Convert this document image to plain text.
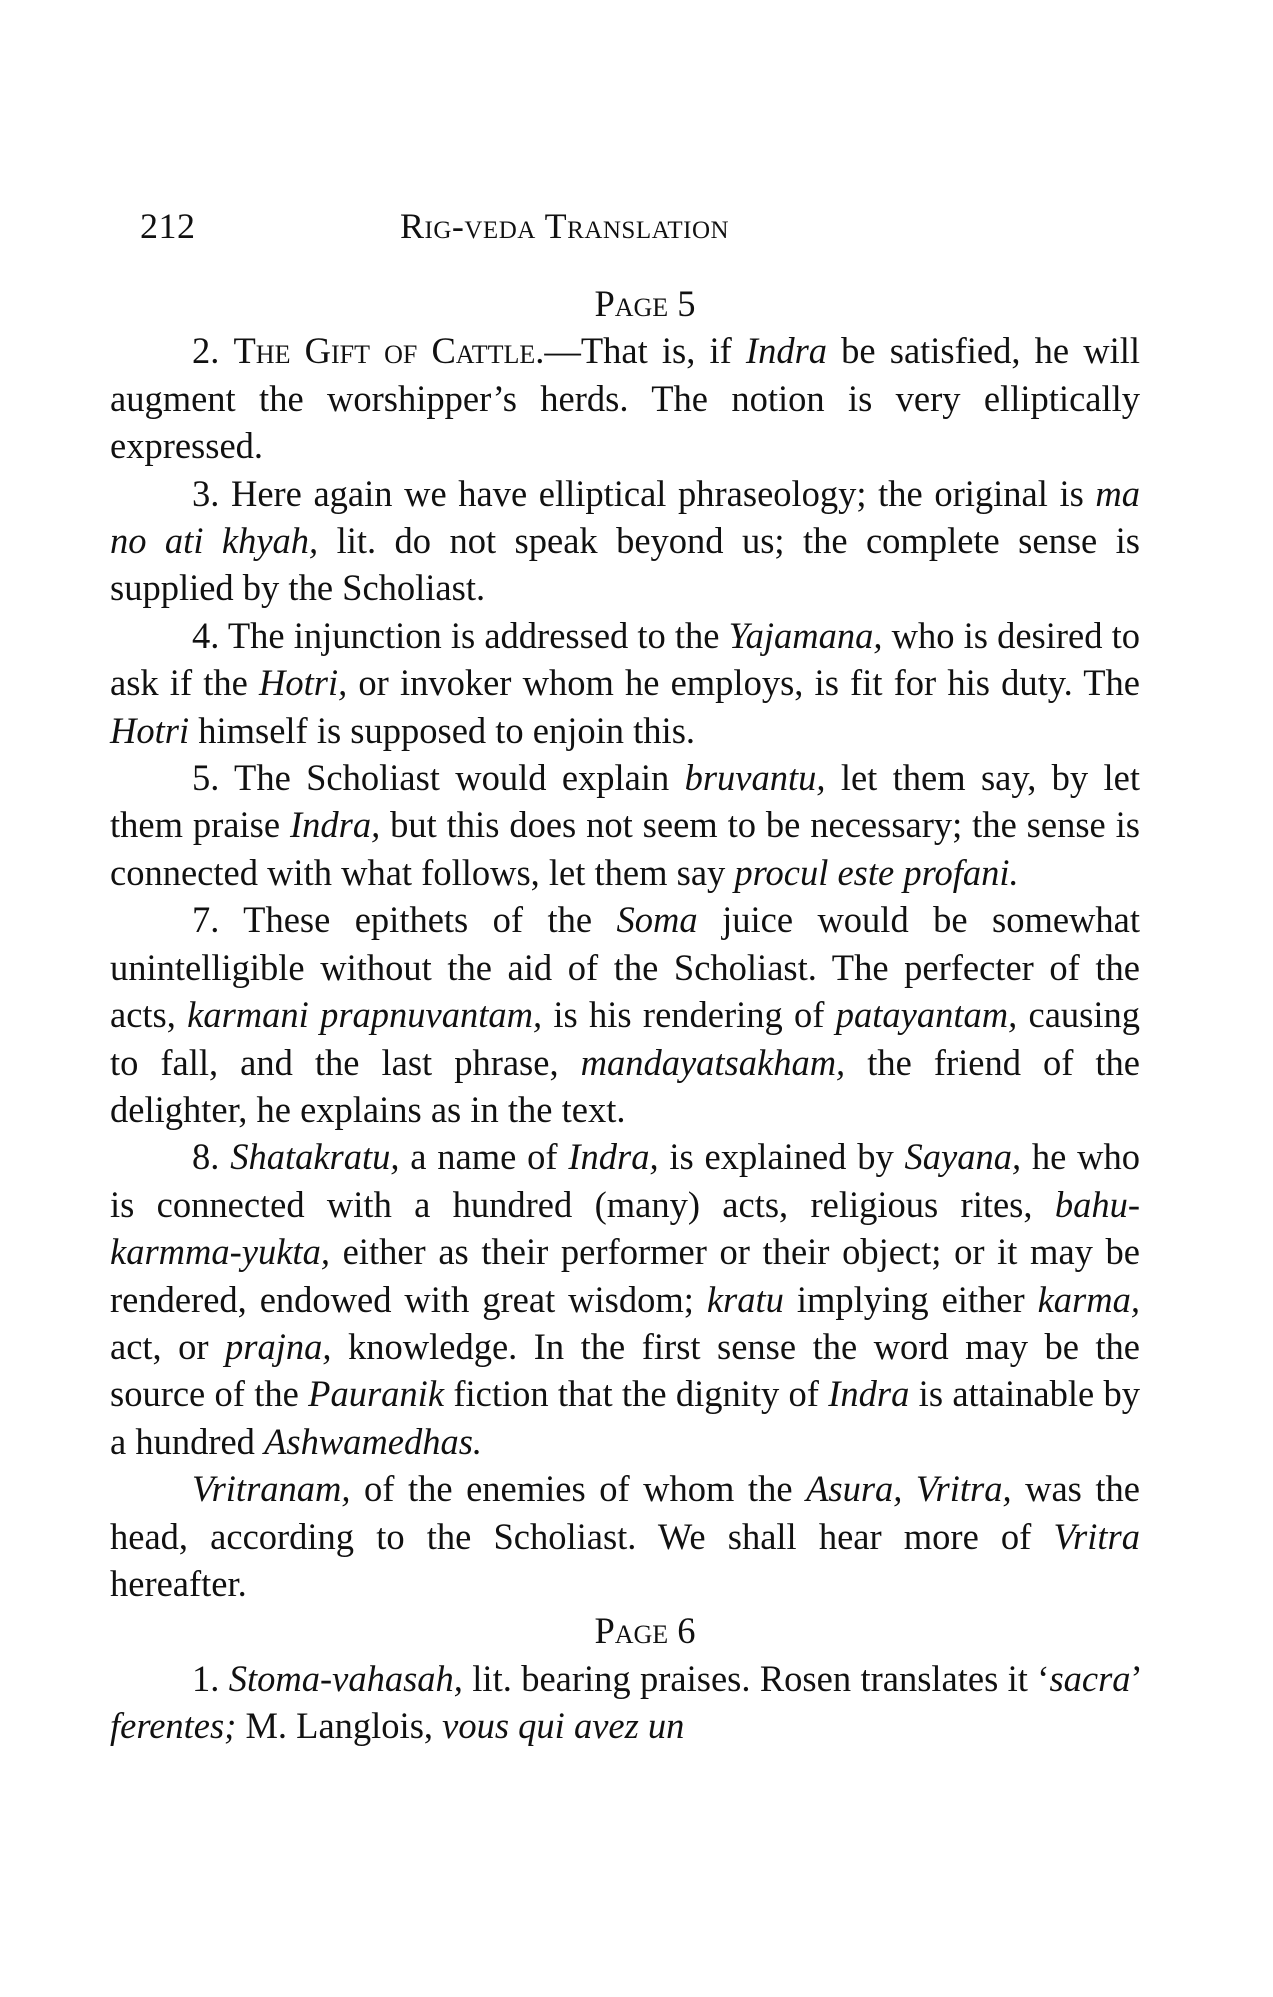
212	Rig-veda Translation

Page 5

2. The Gift of Cattle.—That is, if Indra be satisfied, he will augment the worshipper’s herds. The notion is very elliptically expressed.

3. Here again we have elliptical phraseology; the original is ma no ati khyah, lit. do not speak beyond us; the complete sense is supplied by the Scholiast.

4. The injunction is addressed to the Yajamana, who is desired to ask if the Hotri, or invoker whom he employs, is fit for his duty. The Hotri himself is supposed to enjoin this.

5. The Scholiast would explain bruvantu, let them say, by let them praise Indra, but this does not seem to be necessary; the sense is connected with what follows, let them say procul este profani.

7. These epithets of the Soma juice would be somewhat unintelligible without the aid of the Scholiast. The perfecter of the acts, karmani prapnuvantam, is his rendering of patayantam, causing to fall, and the last phrase, mandayatsakham, the friend of the delighter, he explains as in the text.

8. Shatakratu, a name of Indra, is explained by Sayana, he who is connected with a hundred (many) acts, religious rites, bahu-karmma-yukta, either as their performer or their object; or it may be rendered, endowed with great wisdom; kratu implying either karma, act, or prajna, knowledge. In the first sense the word may be the source of the Pauranik fiction that the dignity of Indra is attainable by a hundred Ashwamedhas.

Vritranam, of the enemies of whom the Asura, Vritra, was the head, according to the Scholiast. We shall hear more of Vritra hereafter.

Page 6

1. Stoma-vahasah, lit. bearing praises. Rosen translates it ‘sacra’ ferentes; M. Langlois, vous qui avez un
